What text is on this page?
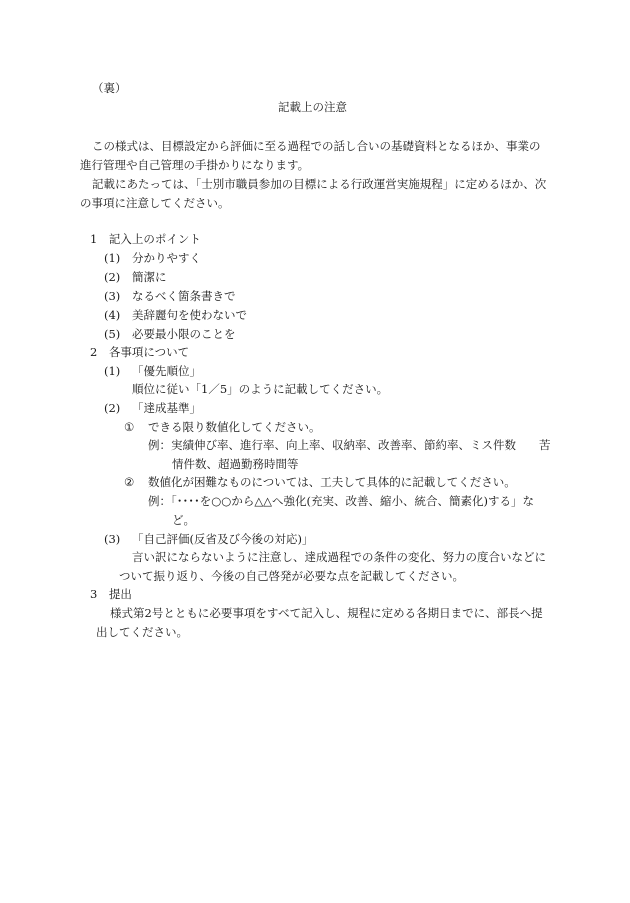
（裏）
記載上の注意
この様式は、目標設定から評価に至る過程での話し合いの基礎資料となるほか、事業の
進行管理や自己管理の手掛かりになります。
記載にあたっては、「士別市職員参加の目標による行政運営実施規程」に定めるほか、次
の事項に注意してください。
1　記入上のポイント
(1) 分かりやすく
(2) 簡潔に
(3) なるべく箇条書きで
(4) 美辞麗句を使わないで
(5) 必要最小限のことを
2　各事項について
(1) 「優先順位」
順位に従い「1／5」のように記載してください。
(2) 「達成基準」
① できる限り数値化してください。
例：実績伸び率、進行率、向上率、収納率、改善率、節約率、ミス件数　　苦
情件数、超過勤務時間等
② 数値化が困難なものについては、工夫して具体的に記載してください。
例：「････を○○から△△へ強化(充実、改善、縮小、統合、簡素化)する」な
ど。
(3) 「自己評価(反省及び今後の対応)」
言い訳にならないように注意し、達成過程での条件の変化、努力の度合いなどに
ついて振り返り、今後の自己啓発が必要な点を記載してください。
3　提出
様式第2号とともに必要事項をすべて記入し、規程に定める各期日までに、部長へ提
出してください。
